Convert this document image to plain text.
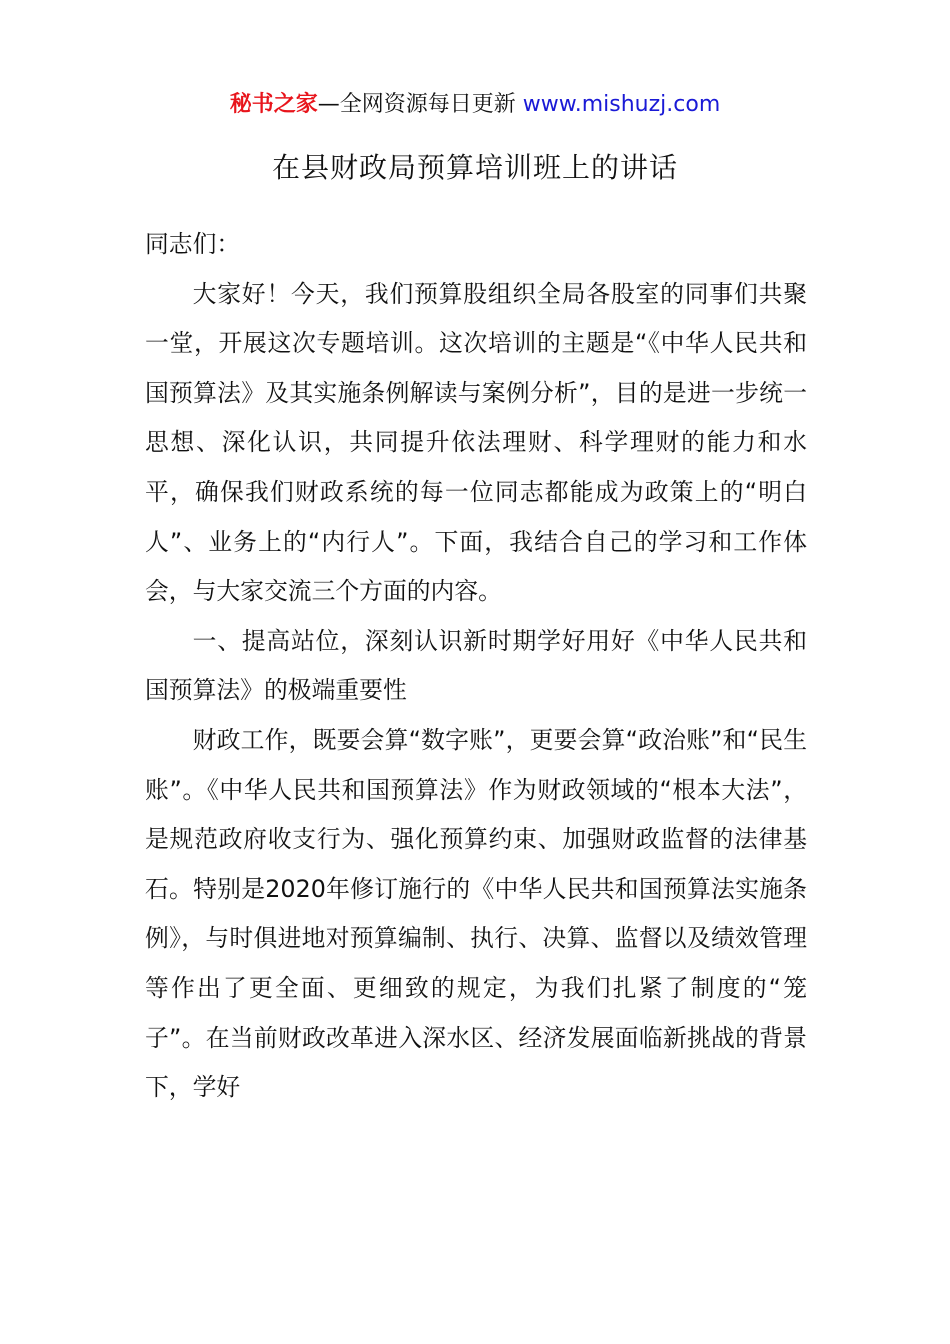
秘书之家—全网资源每日更新 www.mishuzj.com
在县财政局预算培训班上的讲话

同志们：

大家好！今天，我们预算股组织全局各股室的同事们共聚一堂，开展这次专题培训。这次培训的主题是“《中华人民共和国预算法》及其实施条例解读与案例分析”，目的是进一步统一思想、深化认识，共同提升依法理财、科学理财的能力和水平，确保我们财政系统的每一位同志都能成为政策上的“明白人”、业务上的“内行人”。下面，我结合自己的学习和工作体会，与大家交流三个方面的内容。

一、提高站位，深刻认识新时期学好用好《中华人民共和国预算法》的极端重要性

财政工作，既要会算“数字账”，更要会算“政治账”和“民生账”。《中华人民共和国预算法》作为财政领域的“根本大法”，是规范政府收支行为、强化预算约束、加强财政监督的法律基石。特别是2020年修订施行的《中华人民共和国预算法实施条例》，与时俱进地对预算编制、执行、决算、监督以及绩效管理等作出了更全面、更细致的规定，为我们扎紧了制度的“笼子”。在当前财政改革进入深水区、经济发展面临新挑战的背景下，学好
